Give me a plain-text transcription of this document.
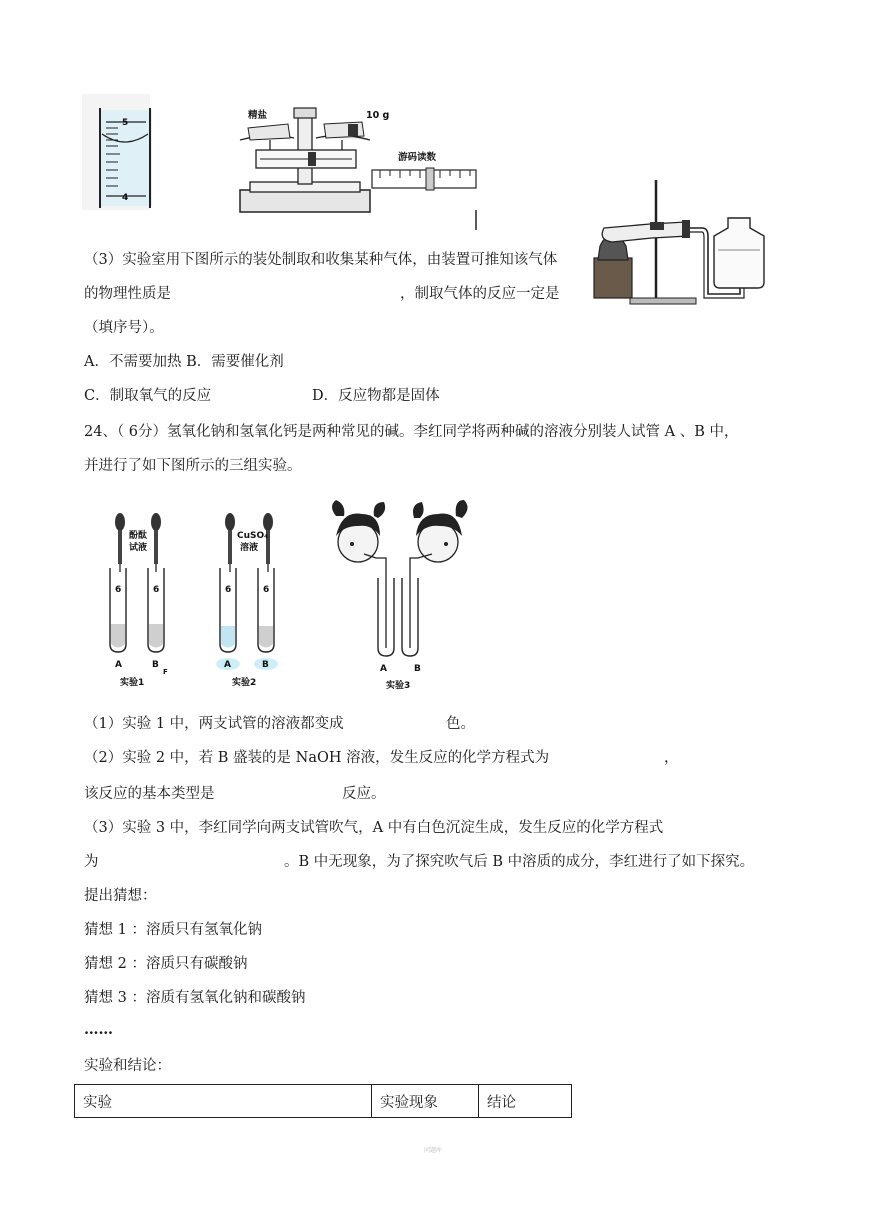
5
4
精盐	10 g
游码读数
（3）实验室用下图所示的装处制取和收集某种气体，由装置可推知该气体
的物理性质是	，制取气体的反应一定是
（填序号）。
A．不需要加热 B．需要催化剂
C．制取氧气的反应	D．反应物都是固体
24、（ 6分）氢氧化钠和氢氧化钙是两种常见的碱。李红同学将两种碱的溶液分别装人试管 A 、B 中，
并进行了如下图所示的三组实验。
酚酞
试液
6	6
A	B
F
实验1
CuSO₄
溶液
6	6
A	B
实验2
A	B
实验3
（1）实验 1 中，两支试管的溶液都变成	色。
（2）实验 2 中，若 B 盛装的是 NaOH 溶液，发生反应的化学方程式为	，
该反应的基本类型是	反应。
（3）实验 3 中，李红同学向两支试管吹气，A 中有白色沉淀生成，发生反应的化学方程式
为	。B 中无现象，为了探究吹气后 B 中溶质的成分，李红进行了如下探究。
提出猜想：
猜想 1 ：溶质只有氢氧化钠
猜想 2 ：溶质只有碳酸钠
猜想 3 ：溶质有氢氧化钠和碳酸钠
……
实验和结论：
实验	实验现象	结论
问题库
